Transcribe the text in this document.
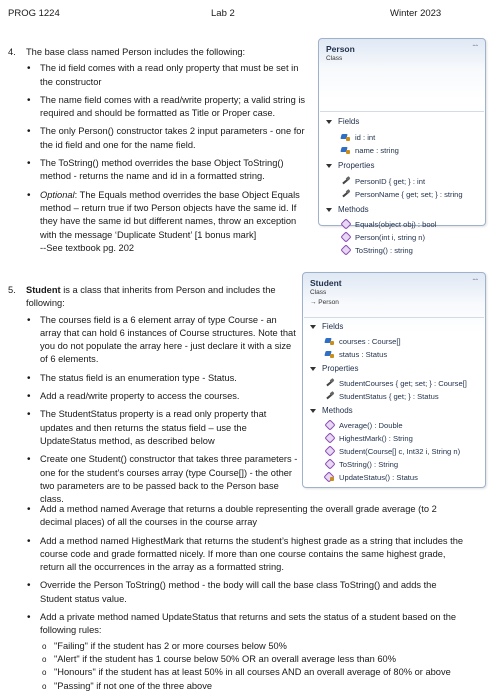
PROG 1224	Lab 2	Winter 2023
4. The base class named Person includes the following:

• The id field comes with a read only property that must be set in the constructor
• The name field comes with a read/write property; a valid string is required and should be formatted as Title or Proper case.
• The only Person() constructor takes 2 input parameters - one for the id field and one for the name field.
• The ToString() method overrides the base Object ToString() method - returns the name and id in a formatted string.
• Optional: The Equals method overrides the base Object Equals method – return true if two Person objects have the same id. If they have the same id but different names, throw an exception with the message ‘Duplicate Student’ [1 bonus mark]
--See textbook pg. 202
Person
Class
ˆˆ
Fields
id : int
name : string
Properties
PersonID { get; } : int
PersonName { get; set; } : string
Methods
Equals(object obj) : bool
Person(int i, string n)
ToString() : string
5. Student is a class that inherits from Person and includes the following:

• The courses field is a 6 element array of type Course - an array that can hold 6 instances of Course structures. Note that you do not populate the array here - just declare it with a size of 6 elements.
• The status field is an enumeration type - Status.
• Add a read/write property to access the courses.
• The StudentStatus property is a read only property that updates and then returns the status field – use the UpdateStatus method, as described below
• Create one Student() constructor that takes three parameters - one for the student’s courses array (type Course[]) - the other two parameters are to be passed back to the Person base class.
• Add a method named Average that returns a double representing the overall grade average (to 2 decimal places) of all the courses in the course array
• Add a method named HighestMark that returns the student’s highest grade as a string that includes the course code and grade formatted nicely. If more than one course contains the same highest grade, return all the occurrences in the array as a formatted string.
• Override the Person ToString() method - the body will call the base class ToString() and adds the Student status value.
• Add a private method named UpdateStatus that returns and sets the status of a student based on the following rules:
o "Failing" if the student has 2 or more courses below 50%
o "Alert" if the student has 1 course below 50% OR an overall average less than 60%
o "Honours" if the student has at least 50% in all courses AND an overall average of 80% or above
o "Passing" if not one of the three above
Student
Class
→ Person
ˆˆ
Fields
courses : Course[]
status : Status
Properties
StudentCourses { get; set; } : Course[]
StudentStatus { get; } : Status
Methods
Average() : Double
HighestMark() : String
Student(Course[] c, Int32 i, String n)
ToString() : String
UpdateStatus() : Status
